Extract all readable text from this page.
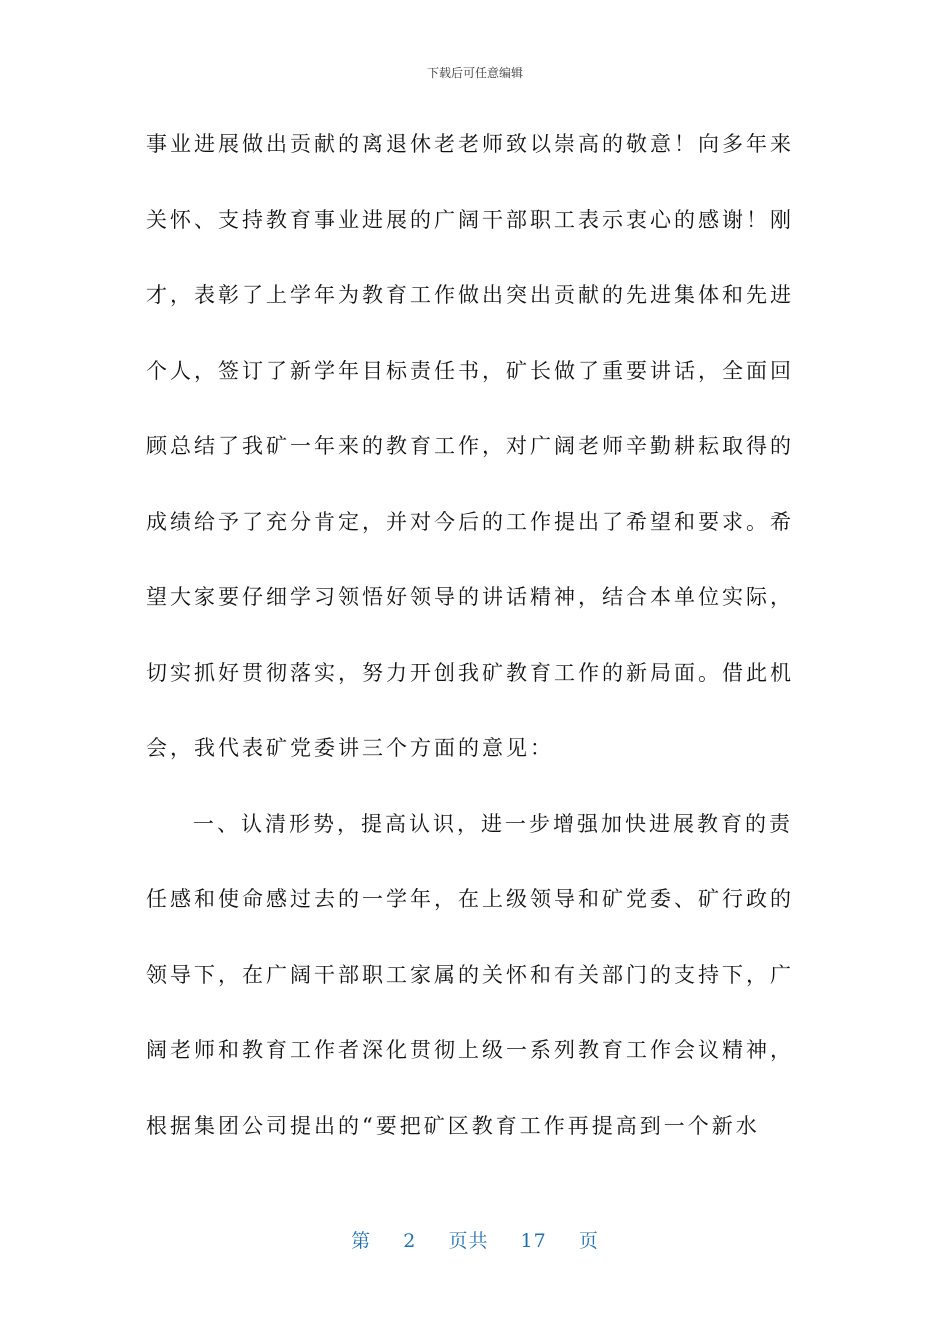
下载后可任意编辑
事业进展做出贡献的离退休老老师致以崇高的敬意！向多年来
关怀、支持教育事业进展的广阔干部职工表示衷心的感谢！刚
才，表彰了上学年为教育工作做出突出贡献的先进集体和先进
个人，签订了新学年目标责任书，矿长做了重要讲话，全面回
顾总结了我矿一年来的教育工作，对广阔老师辛勤耕耘取得的
成绩给予了充分肯定，并对今后的工作提出了希望和要求。希
望大家要仔细学习领悟好领导的讲话精神，结合本单位实际，
切实抓好贯彻落实，努力开创我矿教育工作的新局面。借此机
会，我代表矿党委讲三个方面的意见：
一、认清形势，提高认识，进一步增强加快进展教育的责
任感和使命感过去的一学年，在上级领导和矿党委、矿行政的
领导下，在广阔干部职工家属的关怀和有关部门的支持下，广
阔老师和教育工作者深化贯彻上级一系列教育工作会议精神，
根据集团公司提出的“要把矿区教育工作再提高到一个新水
第 2 页共 17 页
